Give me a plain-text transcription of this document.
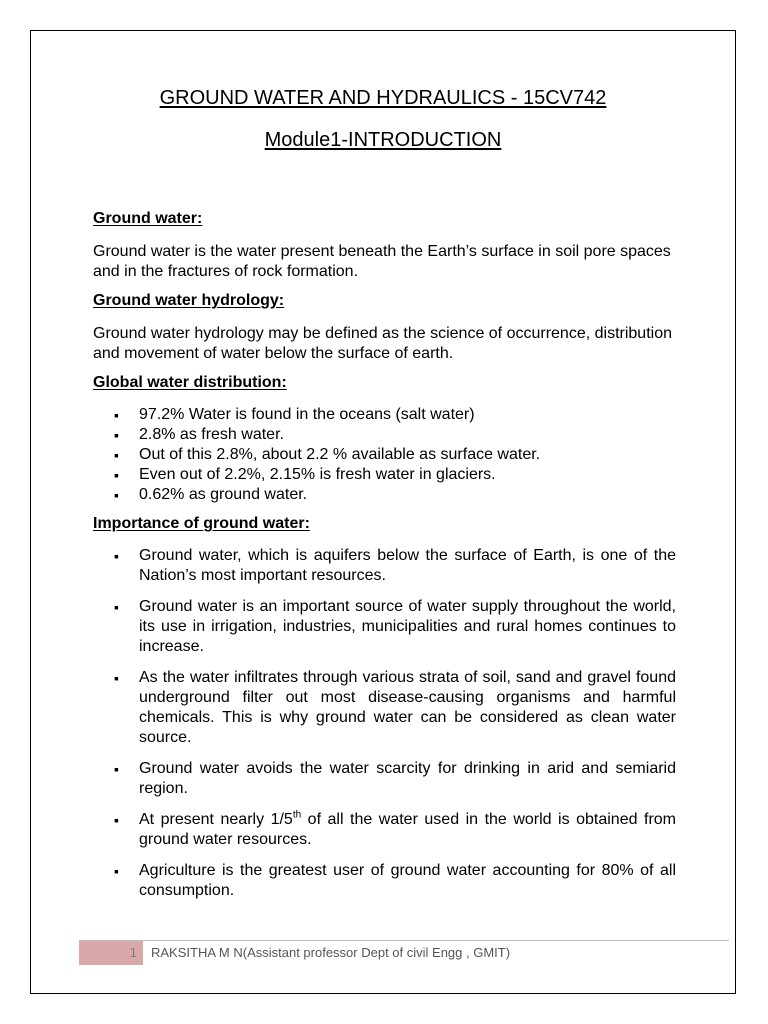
GROUND WATER AND HYDRAULICS - 15CV742
Module1-INTRODUCTION
Ground water:

Ground water is the water present beneath the Earth’s surface in soil pore spaces and in the fractures of rock formation.

Ground water hydrology:

Ground water hydrology may be defined as the science of occurrence, distribution and movement of water below the surface of earth.

Global water distribution:
▪ 97.2% Water is found in the oceans (salt water)
▪ 2.8% as fresh water.
▪ Out of this 2.8%, about 2.2 % available as surface water.
▪ Even out of 2.2%, 2.15% is fresh water in glaciers.
▪ 0.62% as ground water.
Importance of ground water:
▪ Ground water, which is aquifers below the surface of Earth, is one of the Nation’s most important resources.
▪ Ground water is an important source of water supply throughout the world, its use in irrigation, industries, municipalities and rural homes continues to increase.
▪ As the water infiltrates through various strata of soil, sand and gravel found underground filter out most disease-causing organisms and harmful chemicals. This is why ground water can be considered as clean water source.
▪ Ground water avoids the water scarcity for drinking in arid and semiarid region.
▪ At present nearly 1/5th of all the water used in the world is obtained from ground water resources.
▪ Agriculture is the greatest user of ground water accounting for 80% of all consumption.
1	RAKSITHA M N(Assistant professor Dept of civil Engg , GMIT)
